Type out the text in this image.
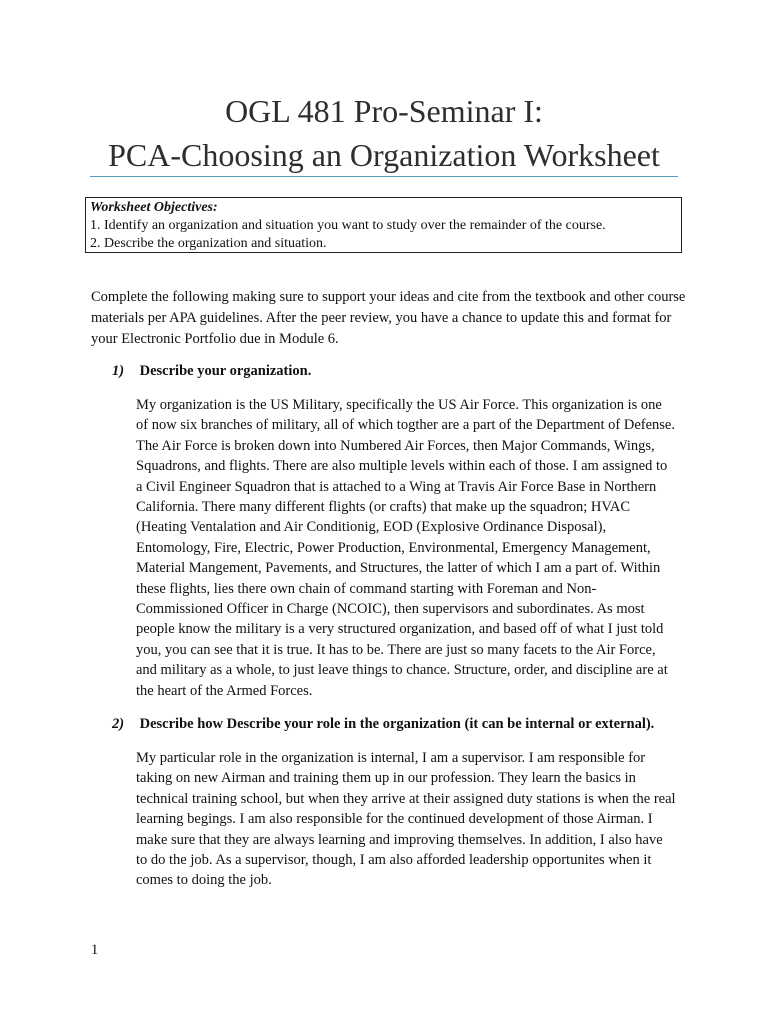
OGL 481 Pro-Seminar I:
PCA-Choosing an Organization Worksheet
Worksheet Objectives:
1. Identify an organization and situation you want to study over the remainder of the course.
2. Describe the organization and situation.
Complete the following making sure to support your ideas and cite from the textbook and other course materials per APA guidelines. After the peer review, you have a chance to update this and format for your Electronic Portfolio due in Module 6.
1) Describe your organization.
My organization is the US Military, specifically the US Air Force. This organization is one of now six branches of military, all of which togther are a part of the Department of Defense. The Air Force is broken down into Numbered Air Forces, then Major Commands, Wings, Squadrons, and flights. There are also multiple levels within each of those. I am assigned to a Civil Engineer Squadron that is attached to a Wing at Travis Air Force Base in Northern California. There many different flights (or crafts) that make up the squadron; HVAC (Heating Ventalation and Air Conditionig, EOD (Explosive Ordinance Disposal), Entomology, Fire, Electric, Power Production, Environmental, Emergency Management, Material Mangement, Pavements, and Structures, the latter of which I am a part of. Within these flights, lies there own chain of command starting with Foreman and Non-Commissioned Officer in Charge (NCOIC), then supervisors and subordinates. As most people know the military is a very structured organization, and based off of what I just told you, you can see that it is true. It has to be. There are just so many facets to the Air Force, and military as a whole, to just leave things to chance. Structure, order, and discipline are at the heart of the Armed Forces.
2) Describe how Describe your role in the organization (it can be internal or external).
My particular role in the organization is internal, I am a supervisor. I am responsible for taking on new Airman and training them up in our profession. They learn the basics in technical training school, but when they arrive at their assigned duty stations is when the real learning begings. I am also responsible for the continued development of those Airman. I make sure that they are always learning and improving themselves. In addition, I also have to do the job. As a supervisor, though, I am also afforded leadership opportunites when it comes to doing the job.
1
